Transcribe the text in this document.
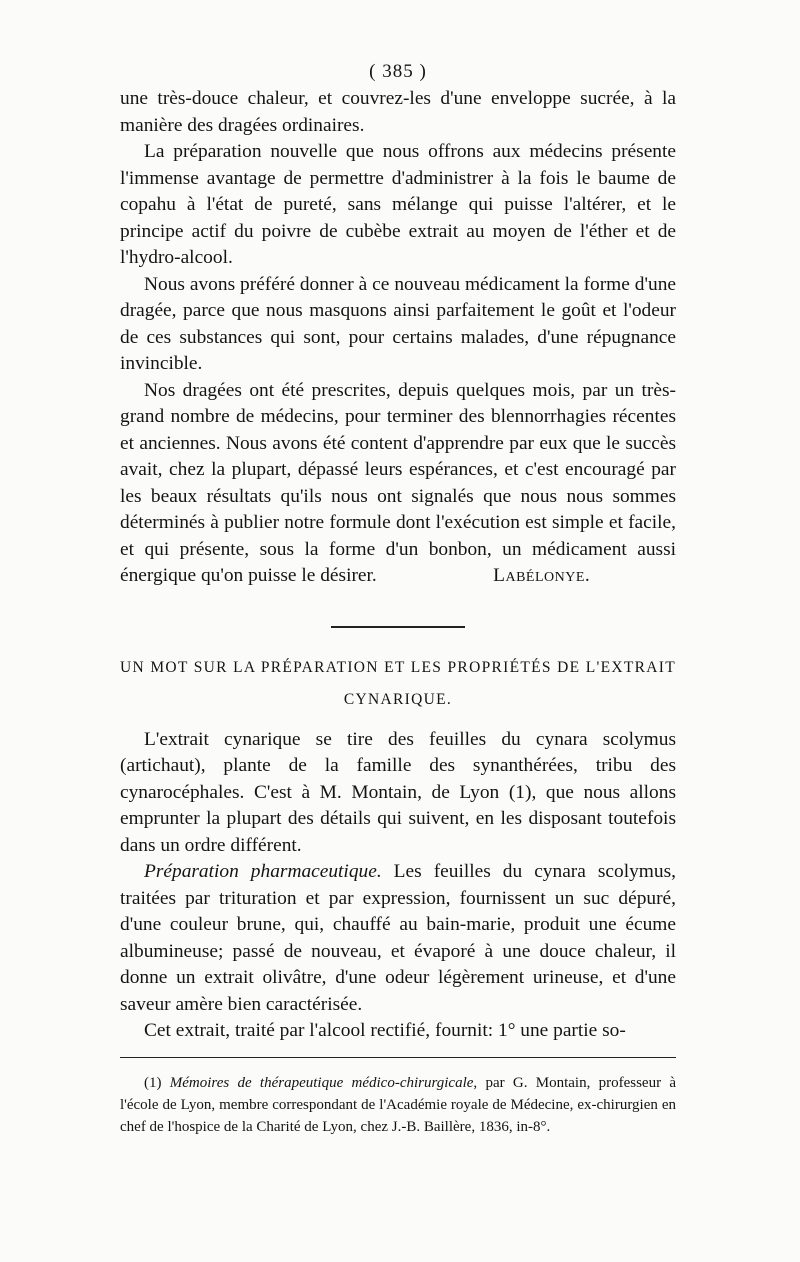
( 385 )

une très-douce chaleur, et couvrez-les d'une enveloppe sucrée, à la manière des dragées ordinaires.

La préparation nouvelle que nous offrons aux médecins présente l'immense avantage de permettre d'administrer à la fois le baume de copahu à l'état de pureté, sans mélange qui puisse l'altérer, et le principe actif du poivre de cubèbe extrait au moyen de l'éther et de l'hydro-alcool.

Nous avons préféré donner à ce nouveau médicament la forme d'une dragée, parce que nous masquons ainsi parfaitement le goût et l'odeur de ces substances qui sont, pour certains malades, d'une répugnance invincible.

Nos dragées ont été prescrites, depuis quelques mois, par un très-grand nombre de médecins, pour terminer des blennorrhagies récentes et anciennes. Nous avons été content d'apprendre par eux que le succès avait, chez la plupart, dépassé leurs espérances, et c'est encouragé par les beaux résultats qu'ils nous ont signalés que nous nous sommes déterminés à publier notre formule dont l'exécution est simple et facile, et qui présente, sous la forme d'un bonbon, un médicament aussi énergique qu'on puisse le désirer.      	Labélonye.

UN MOT SUR LA PRÉPARATION ET LES PROPRIÉTÉS DE L'EXTRAIT

CYNARIQUE.

L'extrait cynarique se tire des feuilles du cynara scolymus (artichaut), plante de la famille des synanthérées, tribu des cynarocéphales. C'est à M. Montain, de Lyon (1), que nous allons emprunter la plupart des détails qui suivent, en les disposant toutefois dans un ordre différent.

Préparation pharmaceutique. Les feuilles du cynara scolymus, traitées par trituration et par expression, fournissent un suc dépuré, d'une couleur brune, qui, chauffé au bain-marie, produit une écume albumineuse; passé de nouveau, et évaporé à une douce chaleur, il donne un extrait olivâtre, d'une odeur légèrement urineuse, et d'une saveur amère bien caractérisée.

Cet extrait, traité par l'alcool rectifié, fournit: 1° une partie so-

(1) Mémoires de thérapeutique médico-chirurgicale, par G. Montain, professeur à l'école de Lyon, membre correspondant de l'Académie royale de Médecine, ex-chirurgien en chef de l'hospice de la Charité de Lyon, chez J.-B. Baillère, 1836, in-8°.
